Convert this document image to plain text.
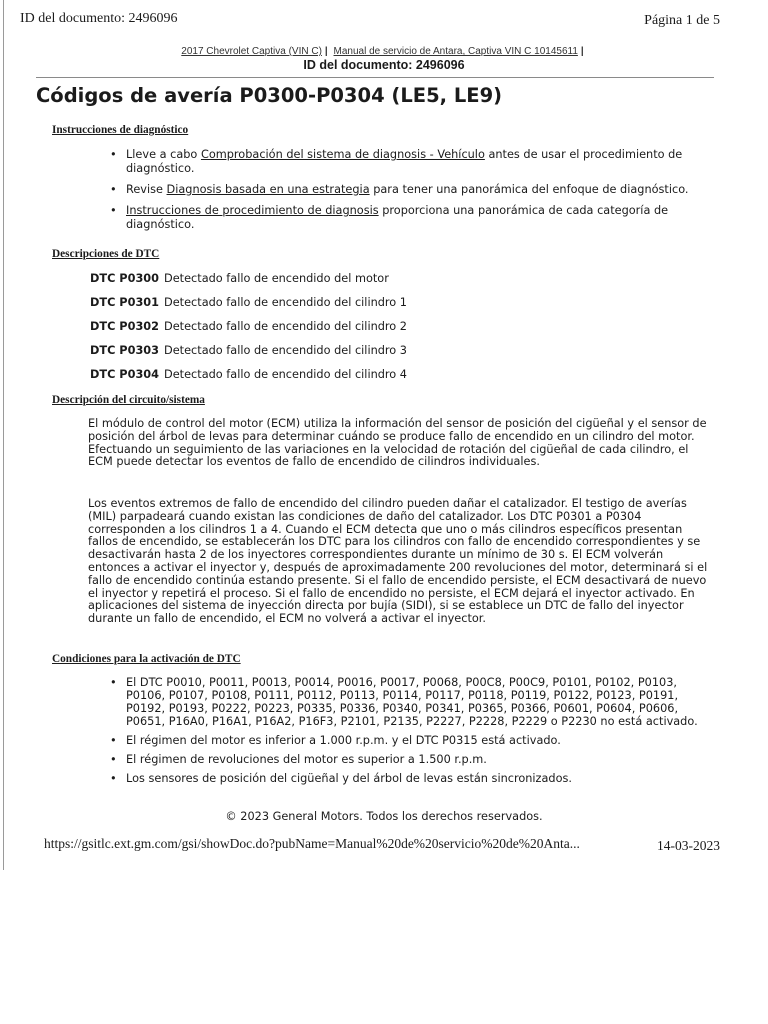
ID del documento: 2496096	Página 1 de 5
2017 Chevrolet Captiva (VIN C) | Manual de servicio de Antara, Captiva VIN C 10145611 |
ID del documento: 2496096
Códigos de avería P0300-P0304 (LE5, LE9)
Instrucciones de diagnóstico
• Lleve a cabo Comprobación del sistema de diagnosis - Vehículo antes de usar el procedimiento de diagnóstico.
• Revise Diagnosis basada en una estrategia para tener una panorámica del enfoque de diagnóstico.
• Instrucciones de procedimiento de diagnosis proporciona una panorámica de cada categoría de diagnóstico.
Descripciones de DTC
DTC P0300 Detectado fallo de encendido del motor
DTC P0301 Detectado fallo de encendido del cilindro 1
DTC P0302 Detectado fallo de encendido del cilindro 2
DTC P0303 Detectado fallo de encendido del cilindro 3
DTC P0304 Detectado fallo de encendido del cilindro 4
Descripción del circuito/sistema

El módulo de control del motor (ECM) utiliza la información del sensor de posición del cigüeñal y el sensor de posición del árbol de levas para determinar cuándo se produce fallo de encendido en un cilindro del motor. Efectuando un seguimiento de las variaciones en la velocidad de rotación del cigüeñal de cada cilindro, el ECM puede detectar los eventos de fallo de encendido de cilindros individuales.

Los eventos extremos de fallo de encendido del cilindro pueden dañar el catalizador. El testigo de averías (MIL) parpadeará cuando existan las condiciones de daño del catalizador. Los DTC P0301 a P0304 corresponden a los cilindros 1 a 4. Cuando el ECM detecta que uno o más cilindros específicos presentan fallos de encendido, se establecerán los DTC para los cilindros con fallo de encendido correspondientes y se desactivarán hasta 2 de los inyectores correspondientes durante un mínimo de 30 s. El ECM volverán entonces a activar el inyector y, después de aproximadamente 200 revoluciones del motor, determinará si el fallo de encendido continúa estando presente. Si el fallo de encendido persiste, el ECM desactivará de nuevo el inyector y repetirá el proceso. Si el fallo de encendido no persiste, el ECM dejará el inyector activado. En aplicaciones del sistema de inyección directa por bujía (SIDI), si se establece un DTC de fallo del inyector durante un fallo de encendido, el ECM no volverá a activar el inyector.

Condiciones para la activación de DTC
• El DTC P0010, P0011, P0013, P0014, P0016, P0017, P0068, P00C8, P00C9, P0101, P0102, P0103, P0106, P0107, P0108, P0111, P0112, P0113, P0114, P0117, P0118, P0119, P0122, P0123, P0191, P0192, P0193, P0222, P0223, P0335, P0336, P0340, P0341, P0365, P0366, P0601, P0604, P0606, P0651, P16A0, P16A1, P16A2, P16F3, P2101, P2135, P2227, P2228, P2229 o P2230 no está activado.
• El régimen del motor es inferior a 1.000 r.p.m. y el DTC P0315 está activado.
• El régimen de revoluciones del motor es superior a 1.500 r.p.m.
• Los sensores de posición del cigüeñal y del árbol de levas están sincronizados.
© 2023 General Motors. Todos los derechos reservados.
https://gsitlc.ext.gm.com/gsi/showDoc.do?pubName=Manual%20de%20servicio%20de%20Anta...	14-03-2023
